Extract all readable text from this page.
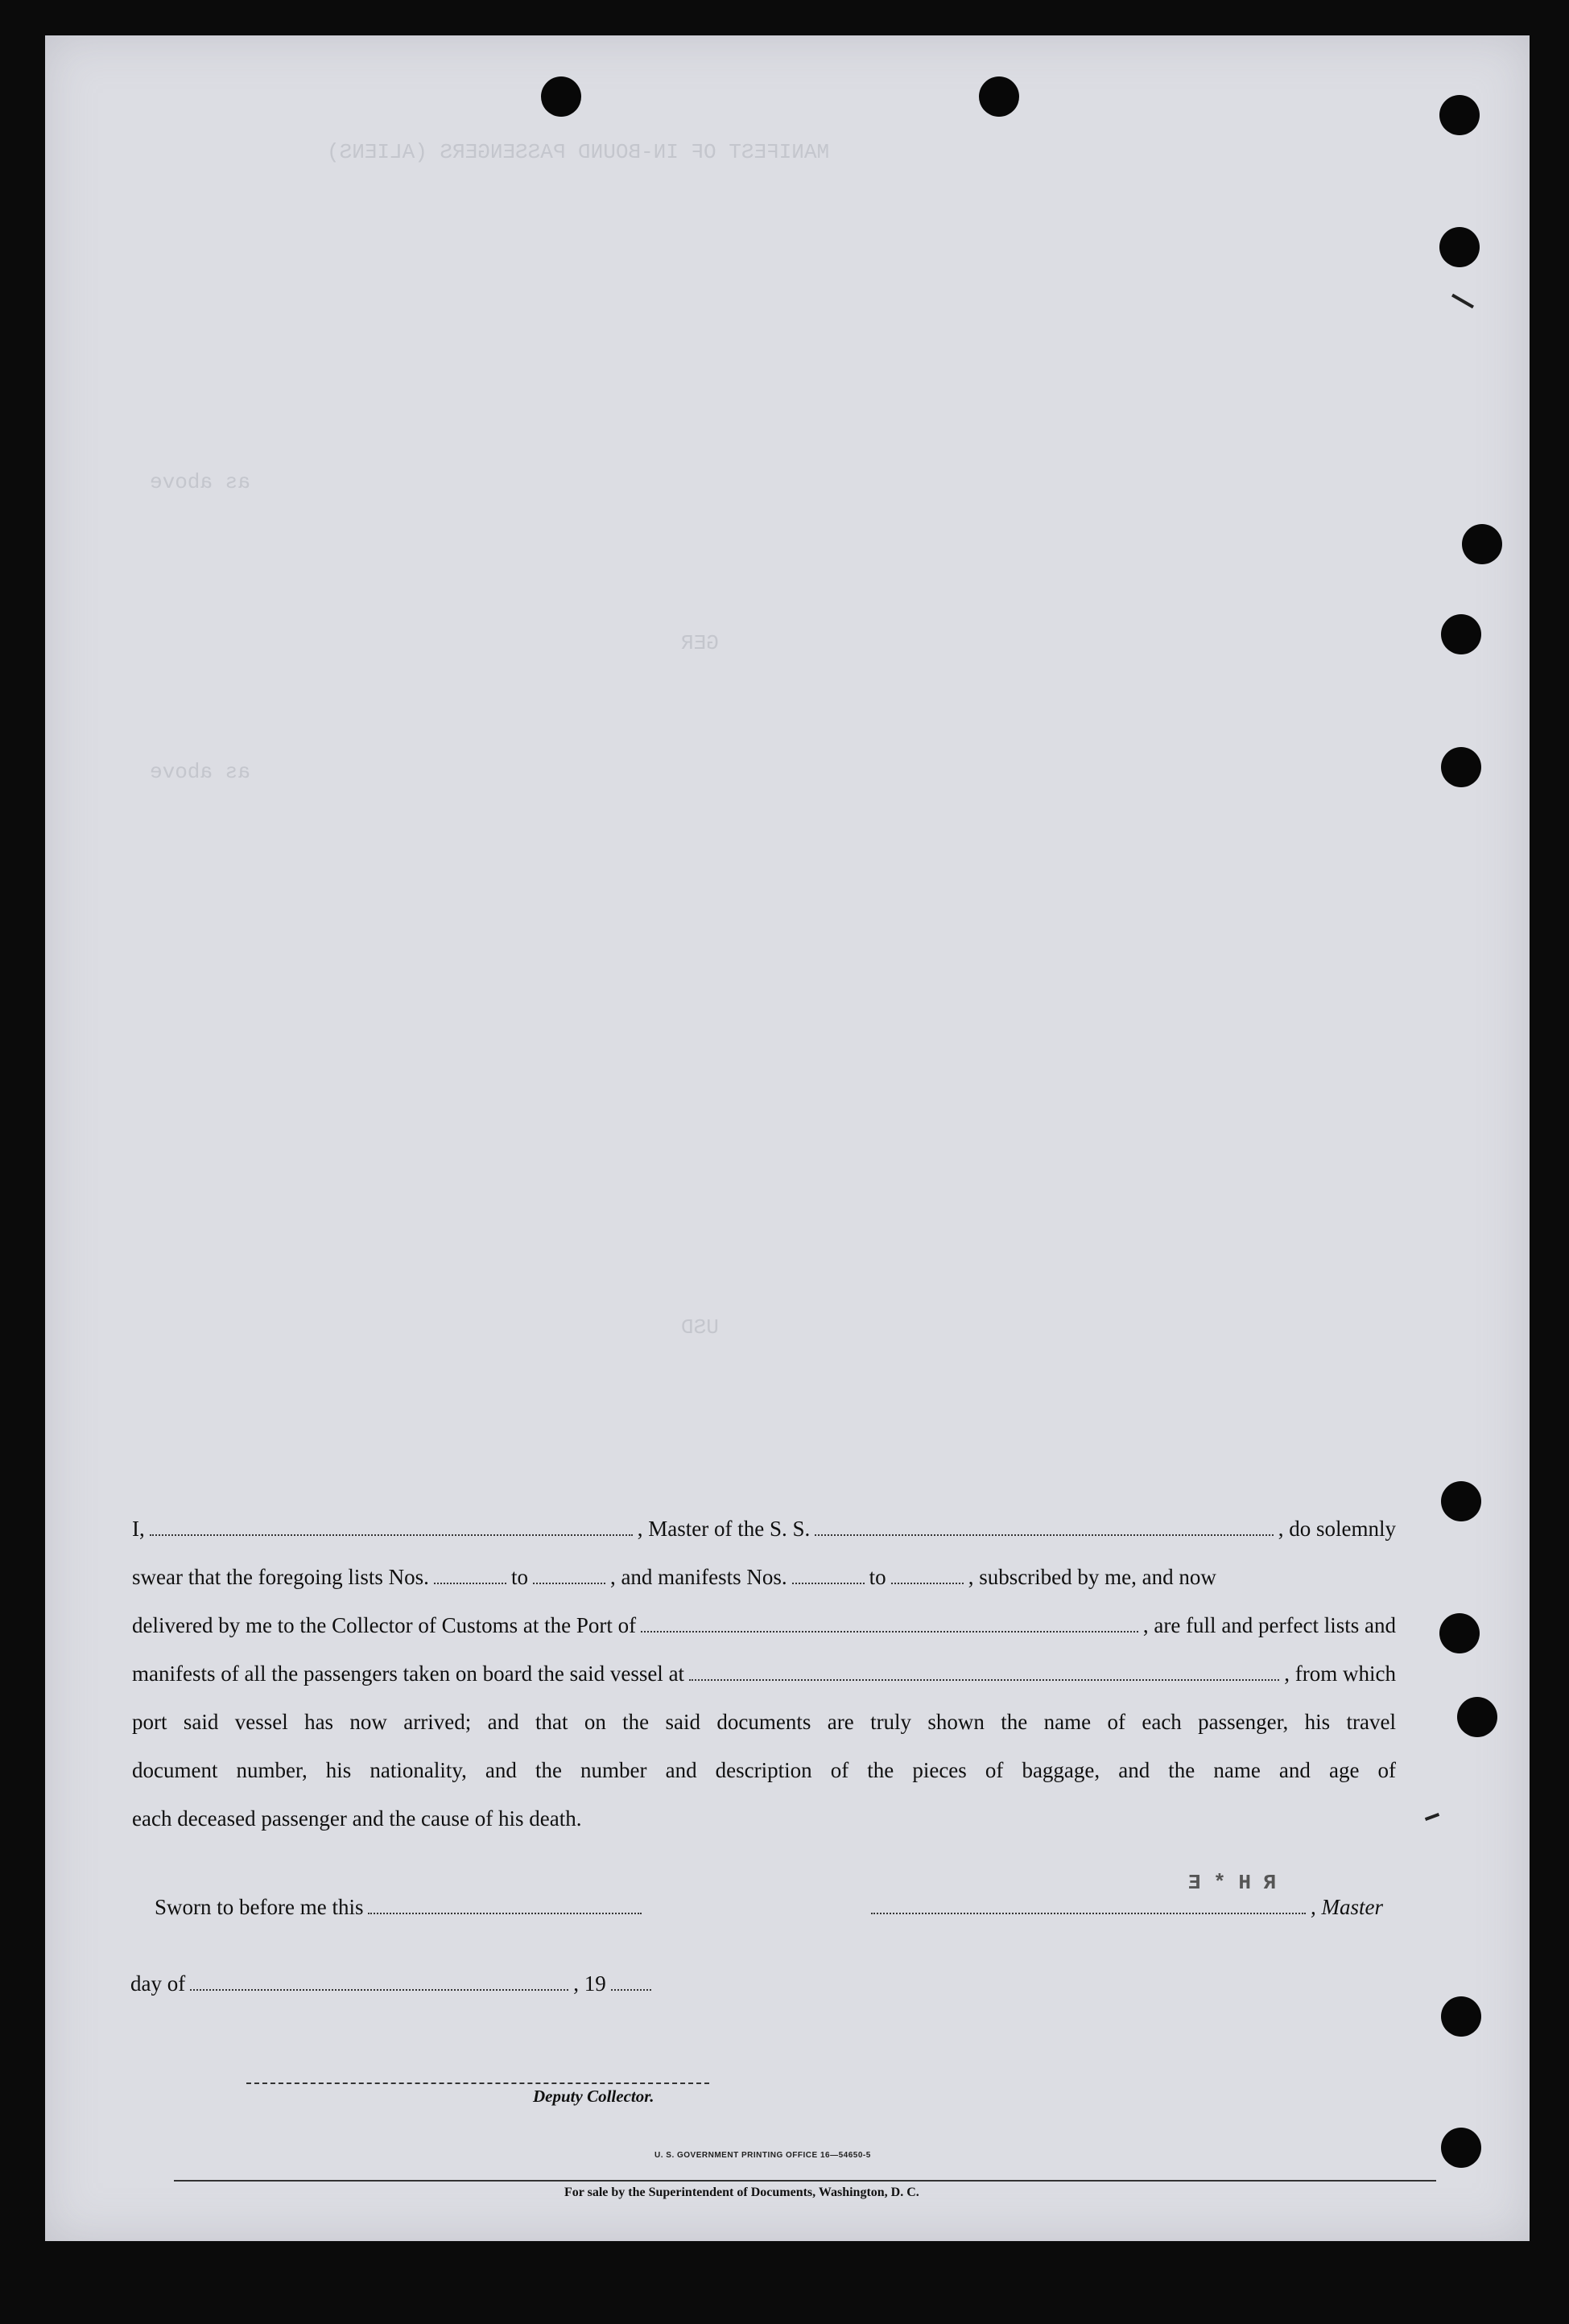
MANIFEST OF IN-BOUND PASSENGERS (ALIENS)
as above
as above
GER
USD
R H * E
I,	, Master of the S. S.	, do solemnly
swear that the foregoing lists Nos.	to	, and manifests Nos.	to	, subscribed by me, and now
delivered by me to the Collector of Customs at the Port of	, are full and perfect lists and
manifests of all the passengers taken on board the said vessel at	, from which
port said vessel has now arrived; and that on the said documents are truly shown the name of each passenger, his travel
document number, his nationality, and the number and description of the pieces of baggage, and the name and age of
each deceased passenger and the cause of his death.
Sworn to before me this	, Master
day of	, 19
Deputy Collector.
U. S. GOVERNMENT PRINTING OFFICE 16—54650-5
For sale by the Superintendent of Documents, Washington, D. C.
